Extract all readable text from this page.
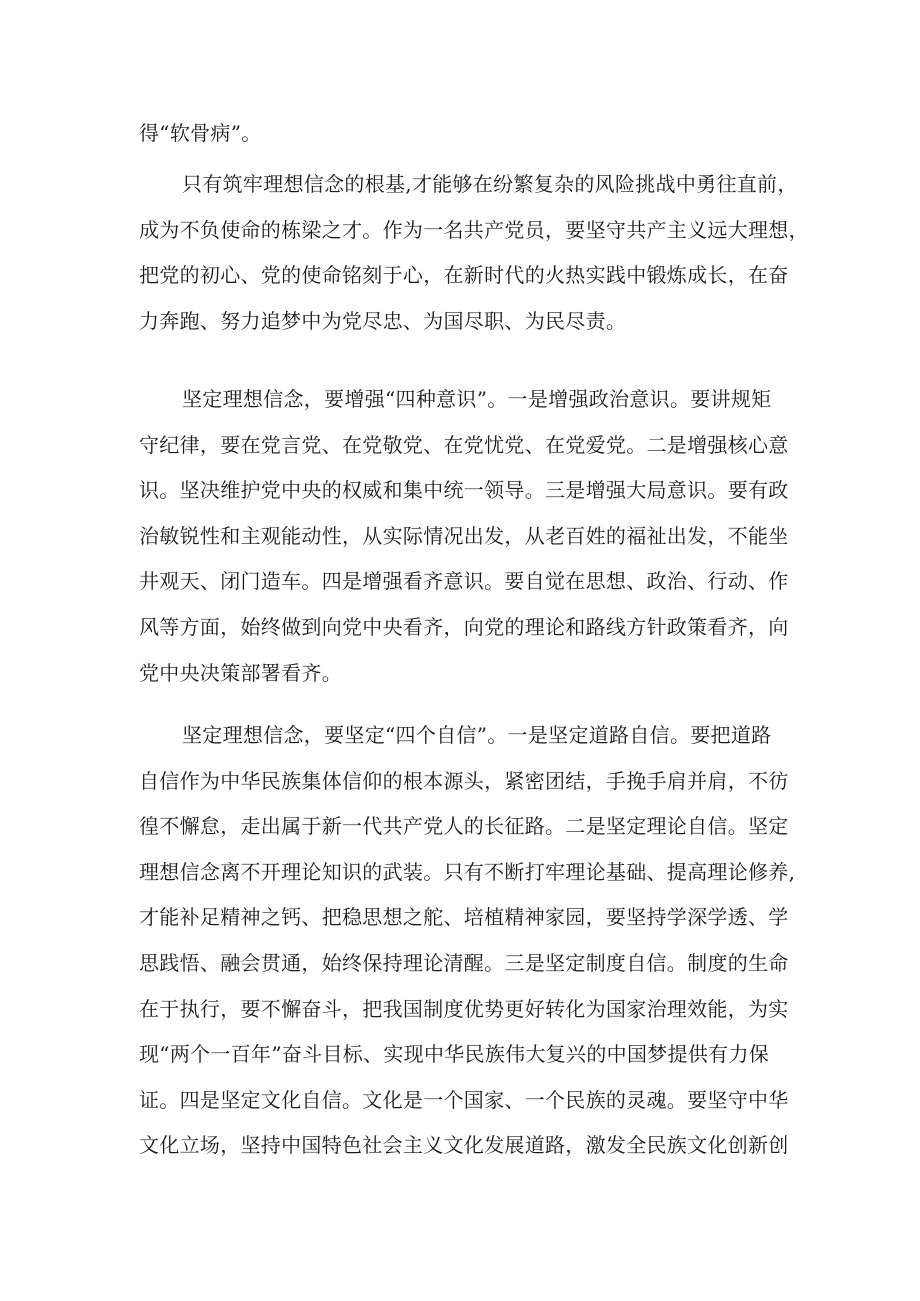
得“软骨病”。
只有筑牢理想信念的根基,才能够在纷繁复杂的风险挑战中勇往直前，
成为不负使命的栋梁之才。作为一名共产党员，要坚守共产主义远大理想，
把党的初心、党的使命铭刻于心，在新时代的火热实践中锻炼成长，在奋
力奔跑、努力追梦中为党尽忠、为国尽职、为民尽责。
坚定理想信念，要增强“四种意识”。一是增强政治意识。要讲规矩
守纪律，要在党言党、在党敬党、在党忧党、在党爱党。二是增强核心意
识。坚决维护党中央的权威和集中统一领导。三是增强大局意识。要有政
治敏锐性和主观能动性，从实际情况出发，从老百姓的福祉出发，不能坐
井观天、闭门造车。四是增强看齐意识。要自觉在思想、政治、行动、作
风等方面，始终做到向党中央看齐，向党的理论和路线方针政策看齐，向
党中央决策部署看齐。
坚定理想信念，要坚定“四个自信”。一是坚定道路自信。要把道路
自信作为中华民族集体信仰的根本源头，紧密团结，手挽手肩并肩，不彷
徨不懈怠，走出属于新一代共产党人的长征路。二是坚定理论自信。坚定
理想信念离不开理论知识的武装。只有不断打牢理论基础、提高理论修养,
才能补足精神之钙、把稳思想之舵、培植精神家园，要坚持学深学透、学
思践悟、融会贯通，始终保持理论清醒。三是坚定制度自信。制度的生命
在于执行，要不懈奋斗，把我国制度优势更好转化为国家治理效能，为实
现“两个一百年”奋斗目标、实现中华民族伟大复兴的中国梦提供有力保
证。四是坚定文化自信。文化是一个国家、一个民族的灵魂。要坚守中华
文化立场，坚持中国特色社会主义文化发展道路，激发全民族文化创新创
